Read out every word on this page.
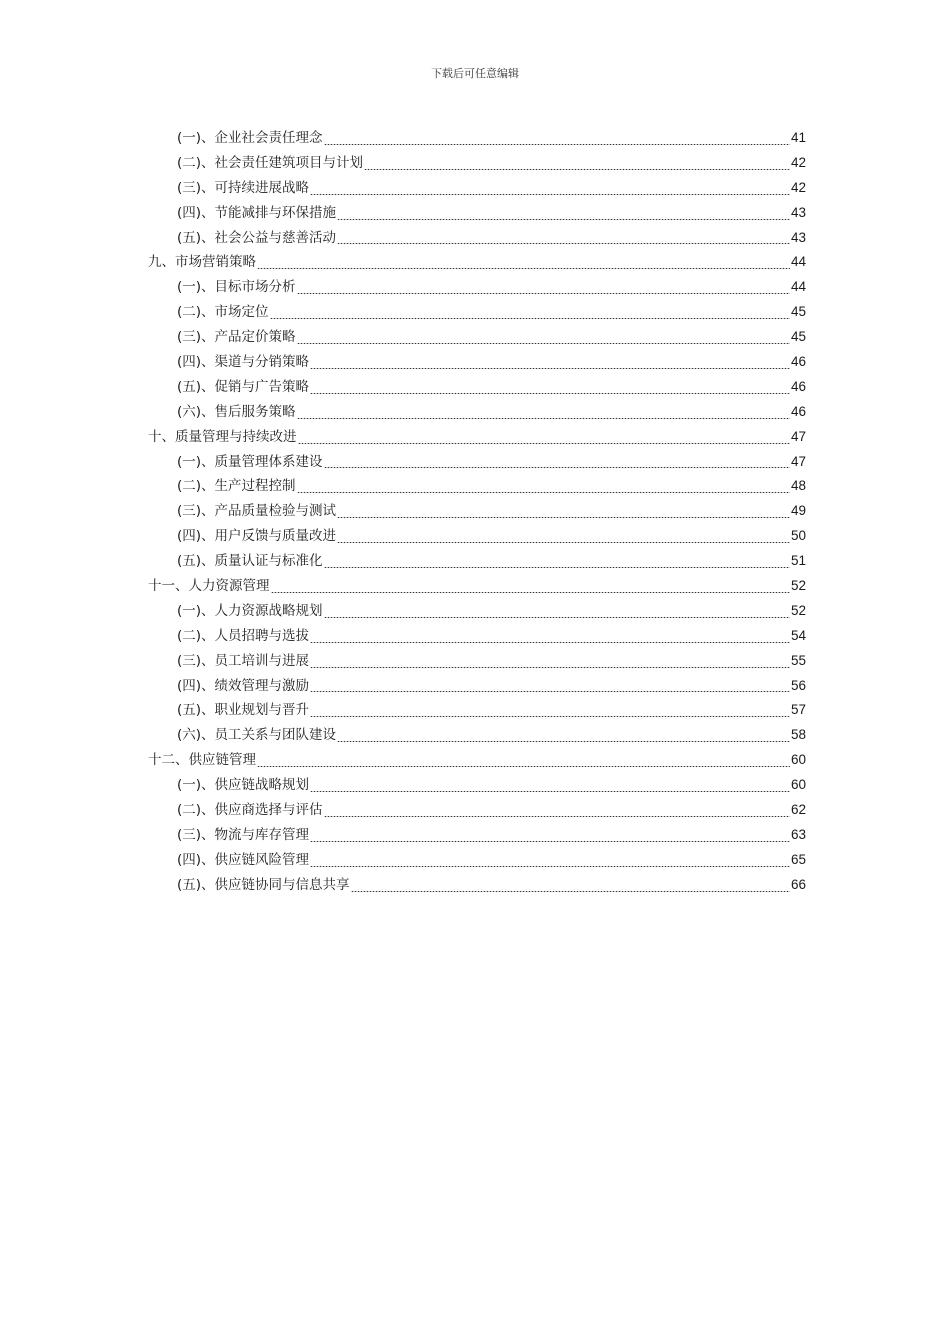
下载后可任意编辑
(一)、企业社会责任理念	41
(二)、社会责任建筑项目与计划	42
(三)、可持续进展战略	42
(四)、节能减排与环保措施	43
(五)、社会公益与慈善活动	43
九、市场营销策略	44
(一)、目标市场分析	44
(二)、市场定位	45
(三)、产品定价策略	45
(四)、渠道与分销策略	46
(五)、促销与广告策略	46
(六)、售后服务策略	46
十、质量管理与持续改进	47
(一)、质量管理体系建设	47
(二)、生产过程控制	48
(三)、产品质量检验与测试	49
(四)、用户反馈与质量改进	50
(五)、质量认证与标准化	51
十一、人力资源管理	52
(一)、人力资源战略规划	52
(二)、人员招聘与选拔	54
(三)、员工培训与进展	55
(四)、绩效管理与激励	56
(五)、职业规划与晋升	57
(六)、员工关系与团队建设	58
十二、供应链管理	60
(一)、供应链战略规划	60
(二)、供应商选择与评估	62
(三)、物流与库存管理	63
(四)、供应链风险管理	65
(五)、供应链协同与信息共享	66
